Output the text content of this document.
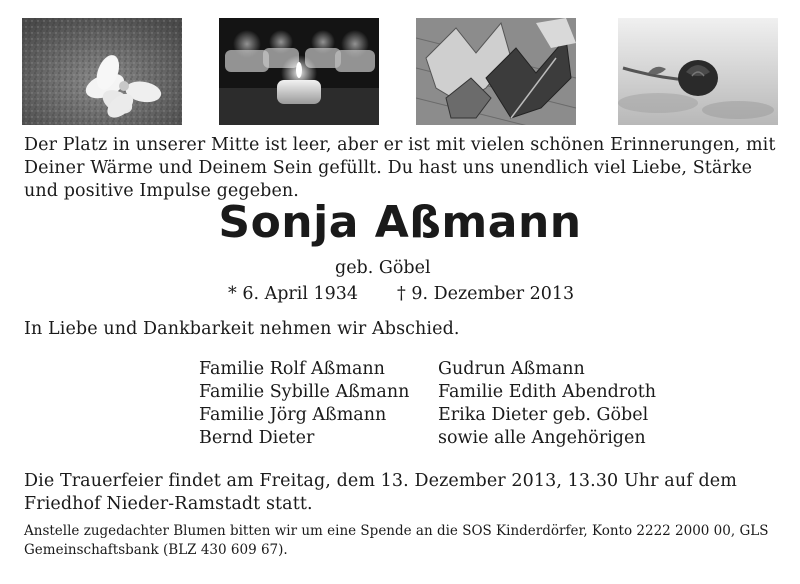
Der Platz in unserer Mitte ist leer, aber er ist mit vielen schönen Erinnerungen, mit Deiner Wärme und Deinem Sein gefüllt. Du hast uns unendlich viel Liebe, Stärke und positive Impulse gegeben.
Sonja Aßmann
geb. Göbel
* 6. April 1934 † 9. Dezember 2013
In Liebe und Dankbarkeit nehmen wir Abschied.
Familie Rolf Aßmann
Familie Sybille Aßmann
Familie Jörg Aßmann
Bernd Dieter
Gudrun Aßmann
Familie Edith Abendroth
Erika Dieter geb. Göbel
sowie alle Angehörigen
Die Trauerfeier findet am Freitag, dem 13. Dezember 2013, 13.30 Uhr auf dem Friedhof Nieder-Ramstadt statt.
Anstelle zugedachter Blumen bitten wir um eine Spende an die SOS Kinderdörfer, Konto 2222 2000 00, GLS Gemeinschaftsbank (BLZ 430 609 67).
